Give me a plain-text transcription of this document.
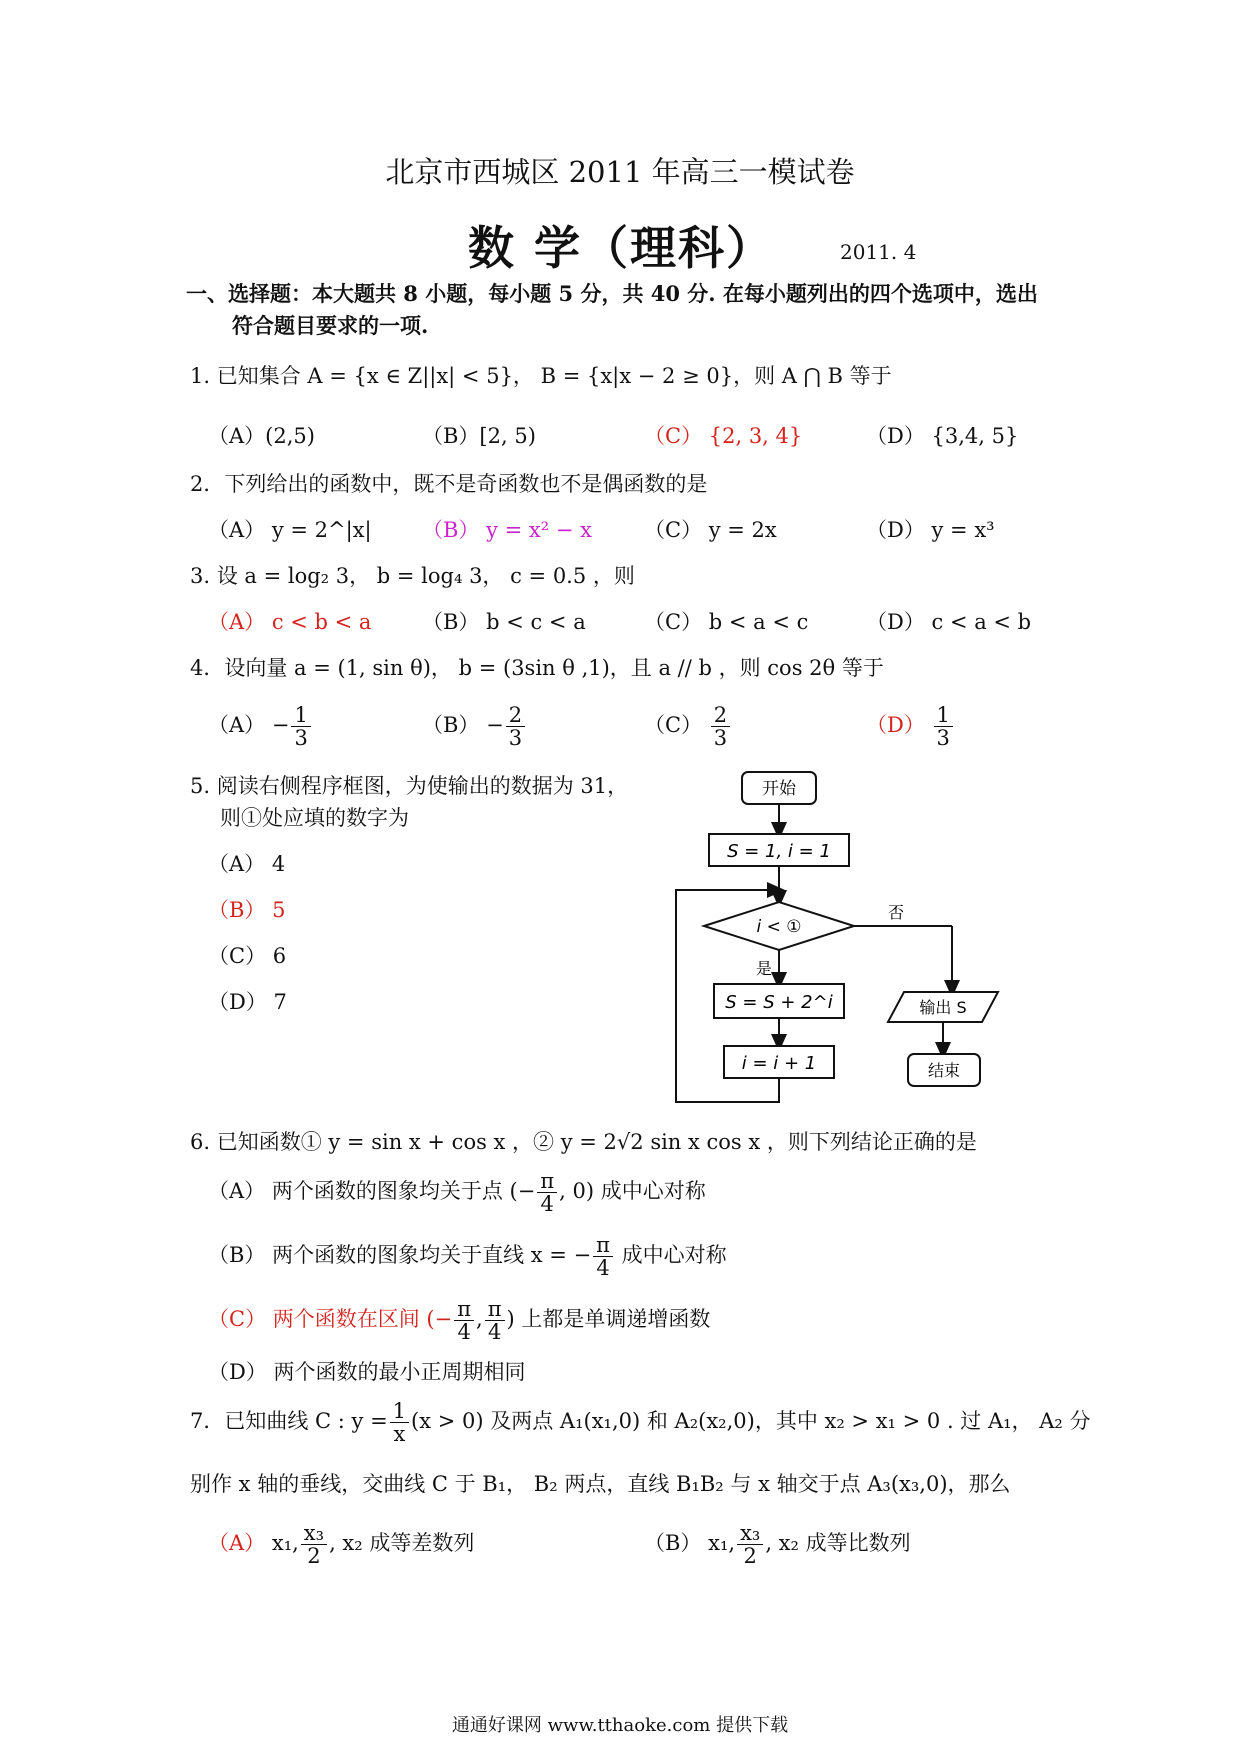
北京市西城区 2011 年高三一模试卷
数 学（理科）	2011. 4
一、选择题：本大题共 8 小题，每小题 5 分，共 40 分. 在每小题列出的四个选项中，选出
符合题目要求的一项.
1. 已知集合 A = {x ∈ Z||x| < 5}， B = {x|x − 2 ≥ 0}，则 A ⋂ B 等于
（A）(2,5)	（B）[2, 5)	（C） {2, 3, 4}	（D） {3,4, 5}
2．下列给出的函数中，既不是奇函数也不是偶函数的是
（A） y = 2^|x| （B） y = x² − x （C） y = 2x	（D） y = x³
3. 设 a = log₂ 3， b = log₄ 3， c = 0.5 ，则
（A） c < b < a （B） b < c < a	（C） b < a < c	（D） c < a < b
4．设向量 a = (1, sin θ)， b = (3sin θ ,1)，且 a // b ，则 cos 2θ 等于
$(A) - \frac{1}{3}$	$(B) - \frac{2}{3}$	$(C) \frac{2}{3}$	$(D) \frac{1}{3}$
5. 阅读右侧程序框图，为使输出的数据为 31，
则①处应填的数字为
（A） 4
（B） 5
（C） 6
（D） 7
开始
S = 1, i = 1
i < ①
否
输出 S
结束
是
S = S + 2^i
i = i + 1
6. 已知函数① y = sin x + cos x ，② y = 2√2 sin x cos x ，则下列结论正确的是
（A） 两个函数的图象均关于点 (− $\frac{\pi}{4}$ , 0) 成中心对称
（B） 两个函数的图象均关于直线 x = − $\frac{\pi}{4}$ 成中心对称
（C） 两个函数在区间 (− $\frac{\pi}{4}$ , $\frac{\pi}{4}$ ) 上都是单调递增函数
（D） 两个函数的最小正周期相同
7．已知曲线 C : $y = \frac{1}{x} (x > 0)$ 及两点 A₁(x₁,0) 和 A₂(x₂,0)，其中 x₂ > x₁ > 0 . 过 A₁， A₂ 分
别作 x 轴的垂线，交曲线 C 于 B₁， B₂ 两点，直线 B₁B₂ 与 x 轴交于点 A₃(x₃,0)，那么
（A） x₁, $\frac{\text{x₃}}{2}$ , x₂ 成等差数列	（B） x₁, $\frac{\text{x₃}}{2}$ , x₂ 成等比数列
通通好课网 www.tthaoke.com 提供下载
